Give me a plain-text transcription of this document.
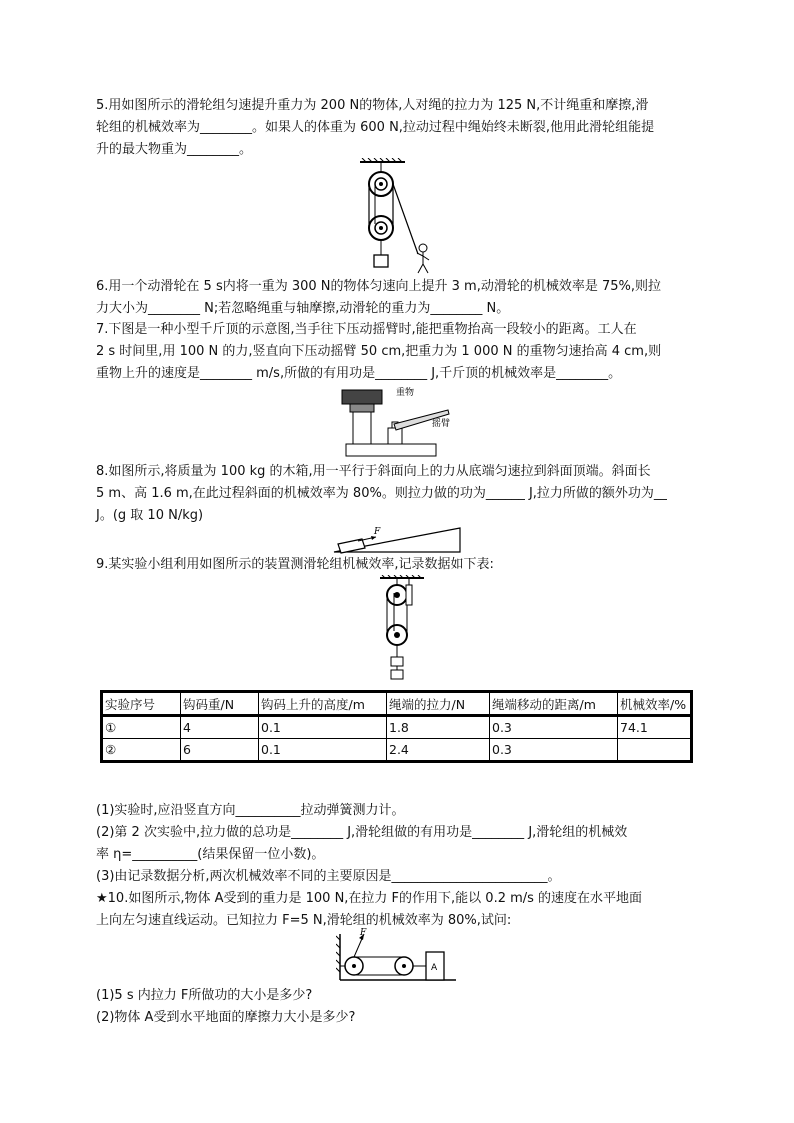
5.用如图所示的滑轮组匀速提升重力为 200 N的物体,人对绳的拉力为 125 N,不计绳重和摩擦,滑
轮组的机械效率为________。如果人的体重为 600 N,拉动过程中绳始终未断裂,他用此滑轮组能提
升的最大物重为________。
6.用一个动滑轮在 5 s内将一重为 300 N的物体匀速向上提升 3 m,动滑轮的机械效率是 75%,则拉
力大小为________ N;若忽略绳重与轴摩擦,动滑轮的重力为________ N。
7.下图是一种小型千斤顶的示意图,当手往下压动摇臂时,能把重物抬高一段较小的距离。工人在
2 s 时间里,用 100 N 的力,竖直向下压动摇臂 50 cm,把重力为 1 000 N 的重物匀速抬高 4 cm,则
重物上升的速度是________ m/s,所做的有用功是________ J,千斤顶的机械效率是________。
重物
摇臂
8.如图所示,将质量为 100 kg 的木箱,用一平行于斜面向上的力从底端匀速拉到斜面顶端。斜面长
5 m、高 1.6 m,在此过程斜面的机械效率为 80%。则拉力做的功为______ J,拉力所做的额外功为__
J。(g 取 10 N/kg)
F
9.某实验小组利用如图所示的装置测滑轮组机械效率,记录数据如下表:
实验序号	钩码重/N	钩码上升的高度/m	绳端的拉力/N	绳端移动的距离/m	机械效率/%
①	4	0.1	1.8	0.3	74.1
②	6	0.1	2.4	0.3	
(1)实验时,应沿竖直方向__________拉动弹簧测力计。
(2)第 2 次实验中,拉力做的总功是________ J,滑轮组做的有用功是________ J,滑轮组的机械效
率 η=__________(结果保留一位小数)。
(3)由记录数据分析,两次机械效率不同的主要原因是________________________。
★10.如图所示,物体 A受到的重力是 100 N,在拉力 F的作用下,能以 0.2 m/s 的速度在水平地面
上向左匀速直线运动。已知拉力 F=5 N,滑轮组的机械效率为 80%,试问:
F
A
(1)5 s 内拉力 F所做功的大小是多少?
(2)物体 A受到水平地面的摩擦力大小是多少?
